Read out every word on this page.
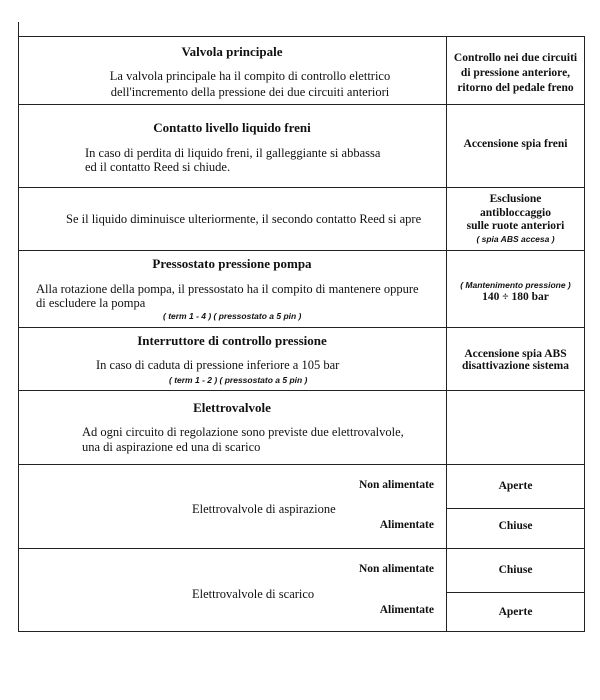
Valvola principale
La valvola principale ha il compito di controllo elettrico
dell'incremento della pressione dei due circuiti anteriori
Controllo nei due circuiti
di pressione anteriore,
ritorno del pedale freno
Contatto livello liquido freni
In caso di perdita di liquido freni, il galleggiante si abbassa
ed il contatto Reed si chiude.
Accensione spia freni
Se il liquido diminuisce ulteriormente, il secondo contatto Reed si apre
Esclusione
antibloccaggio
sulle ruote anteriori
( spia ABS accesa )
Pressostato pressione pompa
Alla rotazione della pompa, il pressostato ha il compito di mantenere oppure
di escludere la pompa
( term 1 - 4 ) ( pressostato a 5 pin )
( Mantenimento pressione )
140 ÷ 180 bar
Interruttore di controllo pressione
In caso di caduta di pressione inferiore a 105 bar
( term 1 - 2 ) ( pressostato a 5 pin )
Accensione spia ABS
disattivazione sistema
Elettrovalvole
Ad ogni circuito di regolazione sono previste due elettrovalvole,
una di aspirazione ed una di scarico
Elettrovalvole di aspirazione
Non alimentate
Alimentate
Aperte
Chiuse
Elettrovalvole di scarico
Non alimentate
Alimentate
Chiuse
Aperte
